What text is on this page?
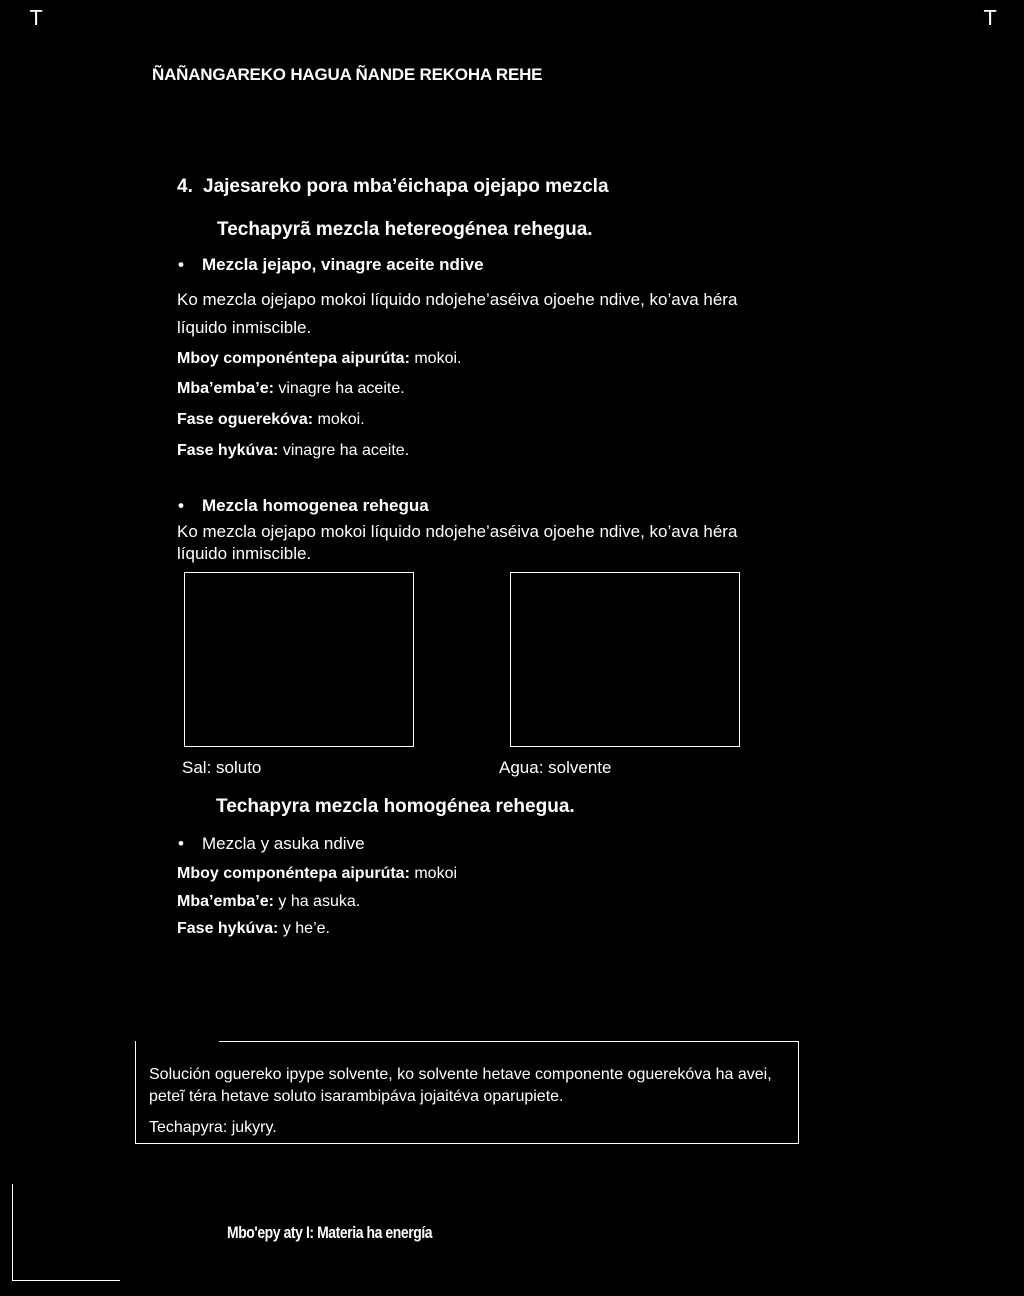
T	T
ÑAÑANGAREKO HAGUA ÑANDE REKOHA REHE
4. Jajesareko pora mba’éichapa ojejapo mezcla
Techapyrã mezcla hetereogénea rehegua.
• Mezcla jejapo, vinagre aceite ndive
Ko mezcla ojejapo mokoi líquido ndojehe’aséiva ojoehe ndive, ko’ava héra
líquido inmiscible.
Mboy componéntepa aipurúta: mokoi.
Mba’emba’e: vinagre ha aceite.
Fase oguerekóva: mokoi.
Fase hykúva: vinagre ha aceite.
• Mezcla homogenea rehegua
Ko mezcla ojejapo mokoi líquido ndojehe’aséiva ojoehe ndive, ko’ava héra
líquido inmiscible.
Sal: soluto	Agua: solvente
Techapyra mezcla homogénea rehegua.
• Mezcla y asuka ndive
Mboy componéntepa aipurúta: mokoi
Mba’emba’e: y ha asuka.
Fase hykúva: y he’e.
Solución oguereko ipype solvente, ko solvente hetave componente oguerekóva ha avei, peteĩ téra hetave soluto isarambipáva jojaitéva oparupiete.
Techapyra: jukyry.
Mbo'epy aty I: Materia ha energía
